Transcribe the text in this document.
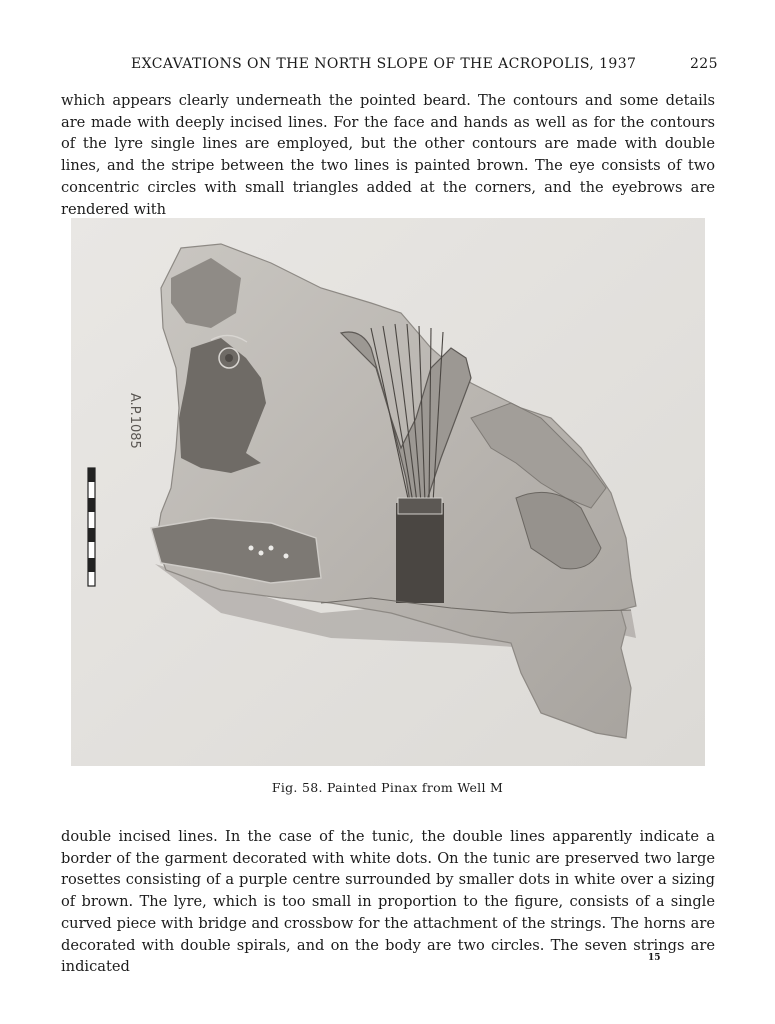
EXCAVATIONS ON THE NORTH SLOPE OF THE ACROPOLIS, 1937	225

which appears clearly underneath the pointed beard. The contours and some details are made with deeply incised lines. For the face and hands as well as for the contours of the lyre single lines are employed, but the other contours are made with double lines, and the stripe between the two lines is painted brown. The eye consists of two concentric circles with small triangles added at the corners, and the eyebrows are rendered with

A.P.1085
Fig. 58. Painted Pinax from Well M

double incised lines. In the case of the tunic, the double lines apparently indicate a border of the garment decorated with white dots. On the tunic are preserved two large rosettes consisting of a purple centre surrounded by smaller dots in white over a sizing of brown. The lyre, which is too small in proportion to the figure, consists of a single curved piece with bridge and crossbow for the attachment of the strings. The horns are decorated with double spirals, and on the body are two circles. The seven strings are indicated

15
